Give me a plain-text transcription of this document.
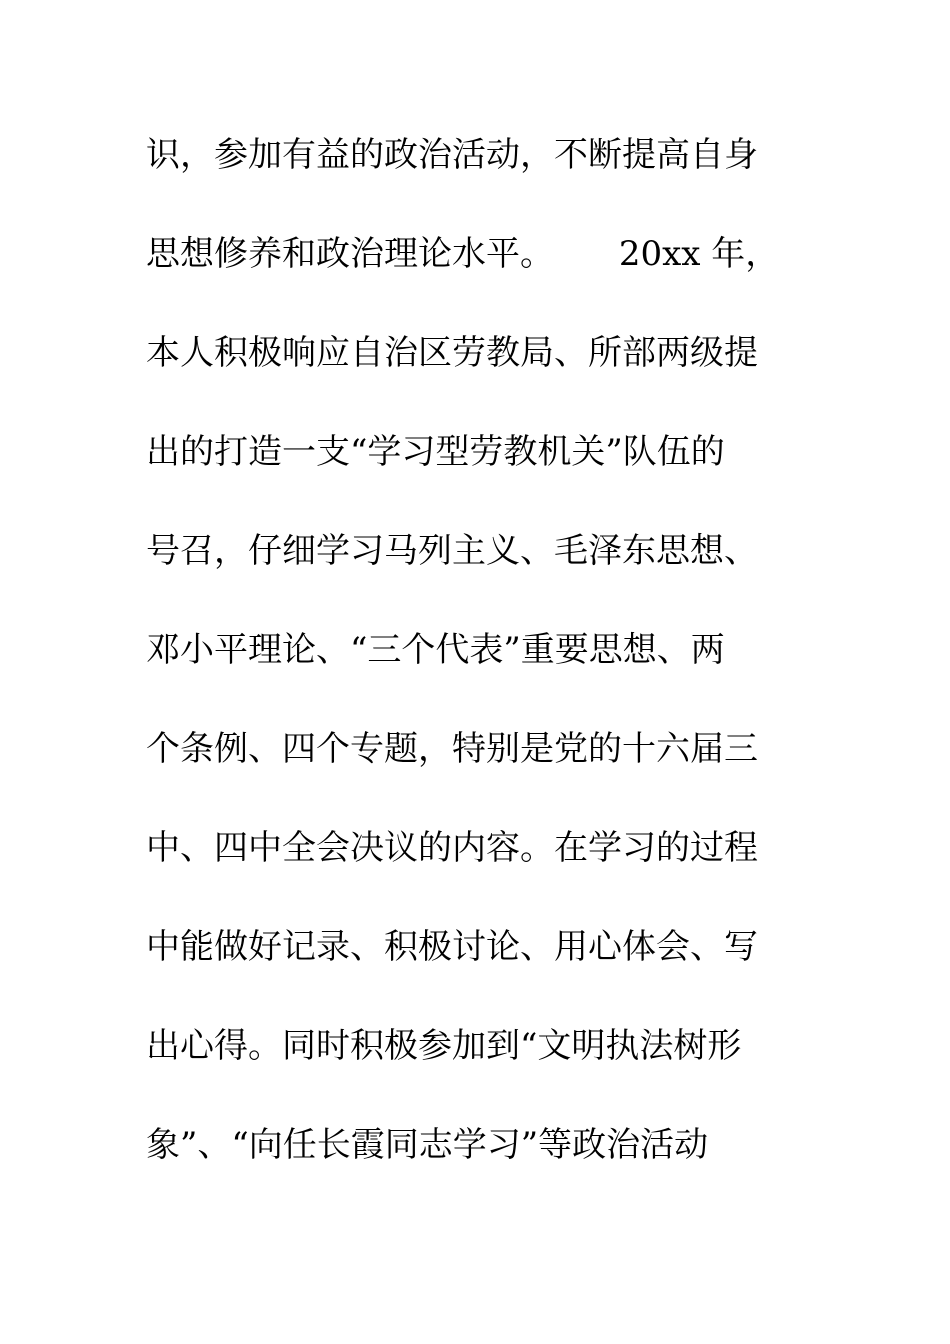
识，参加有益的政治活动，不断提高自身
思想修养和政治理论水平。      20xx 年，
本人积极响应自治区劳教局、所部两级提
出的打造一支“学习型劳教机关”队伍的
号召，仔细学习马列主义、毛泽东思想、
邓小平理论、“三个代表”重要思想、两
个条例、四个专题，特别是党的十六届三
中、四中全会决议的内容。在学习的过程
中能做好记录、积极讨论、用心体会、写
出心得。同时积极参加到“文明执法树形
象”、“向任长霞同志学习”等政治活动
